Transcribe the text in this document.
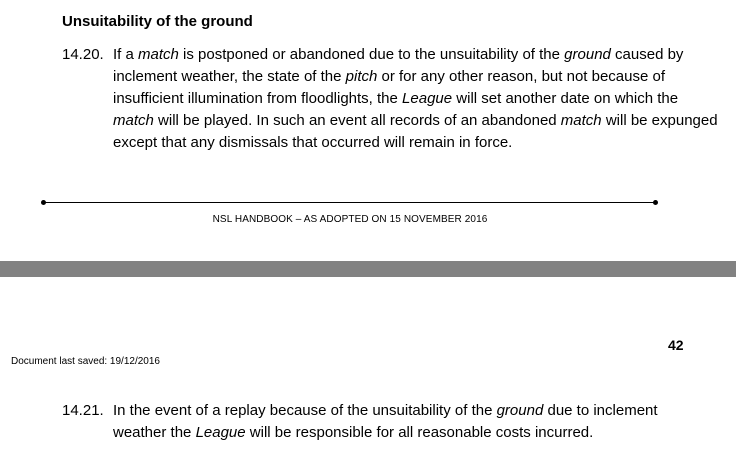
Unsuitability of the ground
14.20. If a match is postponed or abandoned due to the unsuitability of the ground caused by
inclement weather, the state of the pitch or for any other reason, but not because of
insufficient illumination from floodlights, the League will set another date on which the
match will be played. In such an event all records of an abandoned match will be expunged
except that any dismissals that occurred will remain in force.
NSL HANDBOOK – AS ADOPTED ON 15 NOVEMBER 2016
42
Document last saved: 19/12/2016
14.21. In the event of a replay because of the unsuitability of the ground due to inclement
weather the League will be responsible for all reasonable costs incurred.
